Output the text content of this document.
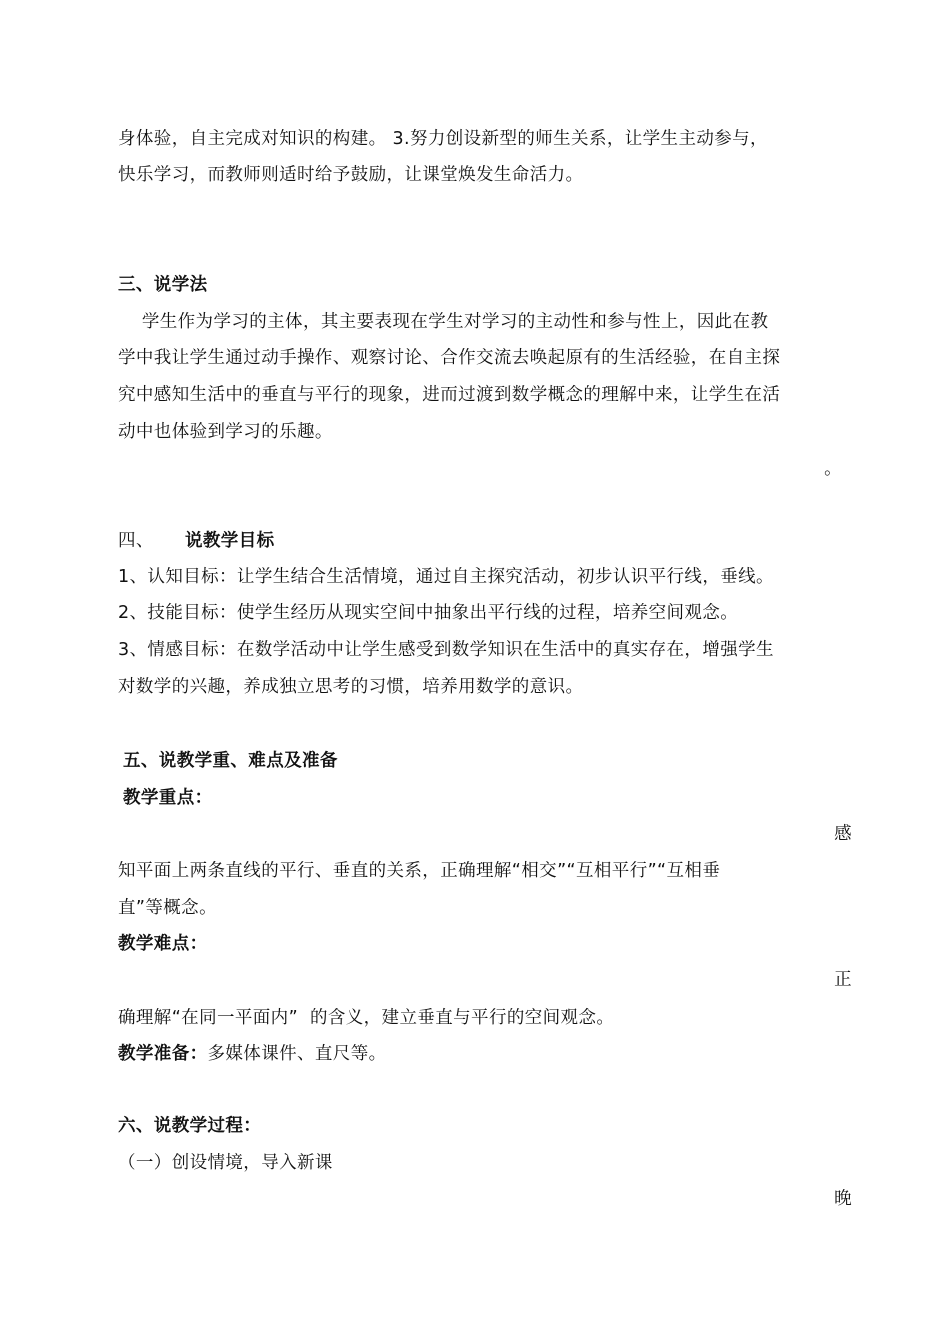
身体验，自主完成对知识的构建。 3.努力创设新型的师生关系，让学生主动参与，
快乐学习，而教师则适时给予鼓励，让课堂焕发生命活力。
三、说学法
学生作为学习的主体，其主要表现在学生对学习的主动性和参与性上，因此在教
学中我让学生通过动手操作、观察讨论、合作交流去唤起原有的生活经验，在自主探
究中感知生活中的垂直与平行的现象，进而过渡到数学概念的理解中来，让学生在活
动中也体验到学习的乐趣。
。
四、 说教学目标
1、认知目标：让学生结合生活情境，通过自主探究活动，初步认识平行线，垂线。
2、技能目标：使学生经历从现实空间中抽象出平行线的过程，培养空间观念。
3、情感目标：在数学活动中让学生感受到数学知识在生活中的真实存在，增强学生
对数学的兴趣，养成独立思考的习惯，培养用数学的意识。
五、说教学重、难点及准备
教学重点：
感
知平面上两条直线的平行、垂直的关系，正确理解“相交”“互相平行”“互相垂
直”等概念。
教学难点：
正
确理解“在同一平面内”  的含义，建立垂直与平行的空间观念。
教学准备：多媒体课件、直尺等。
六、说教学过程：
（一）创设情境，导入新课
晚
